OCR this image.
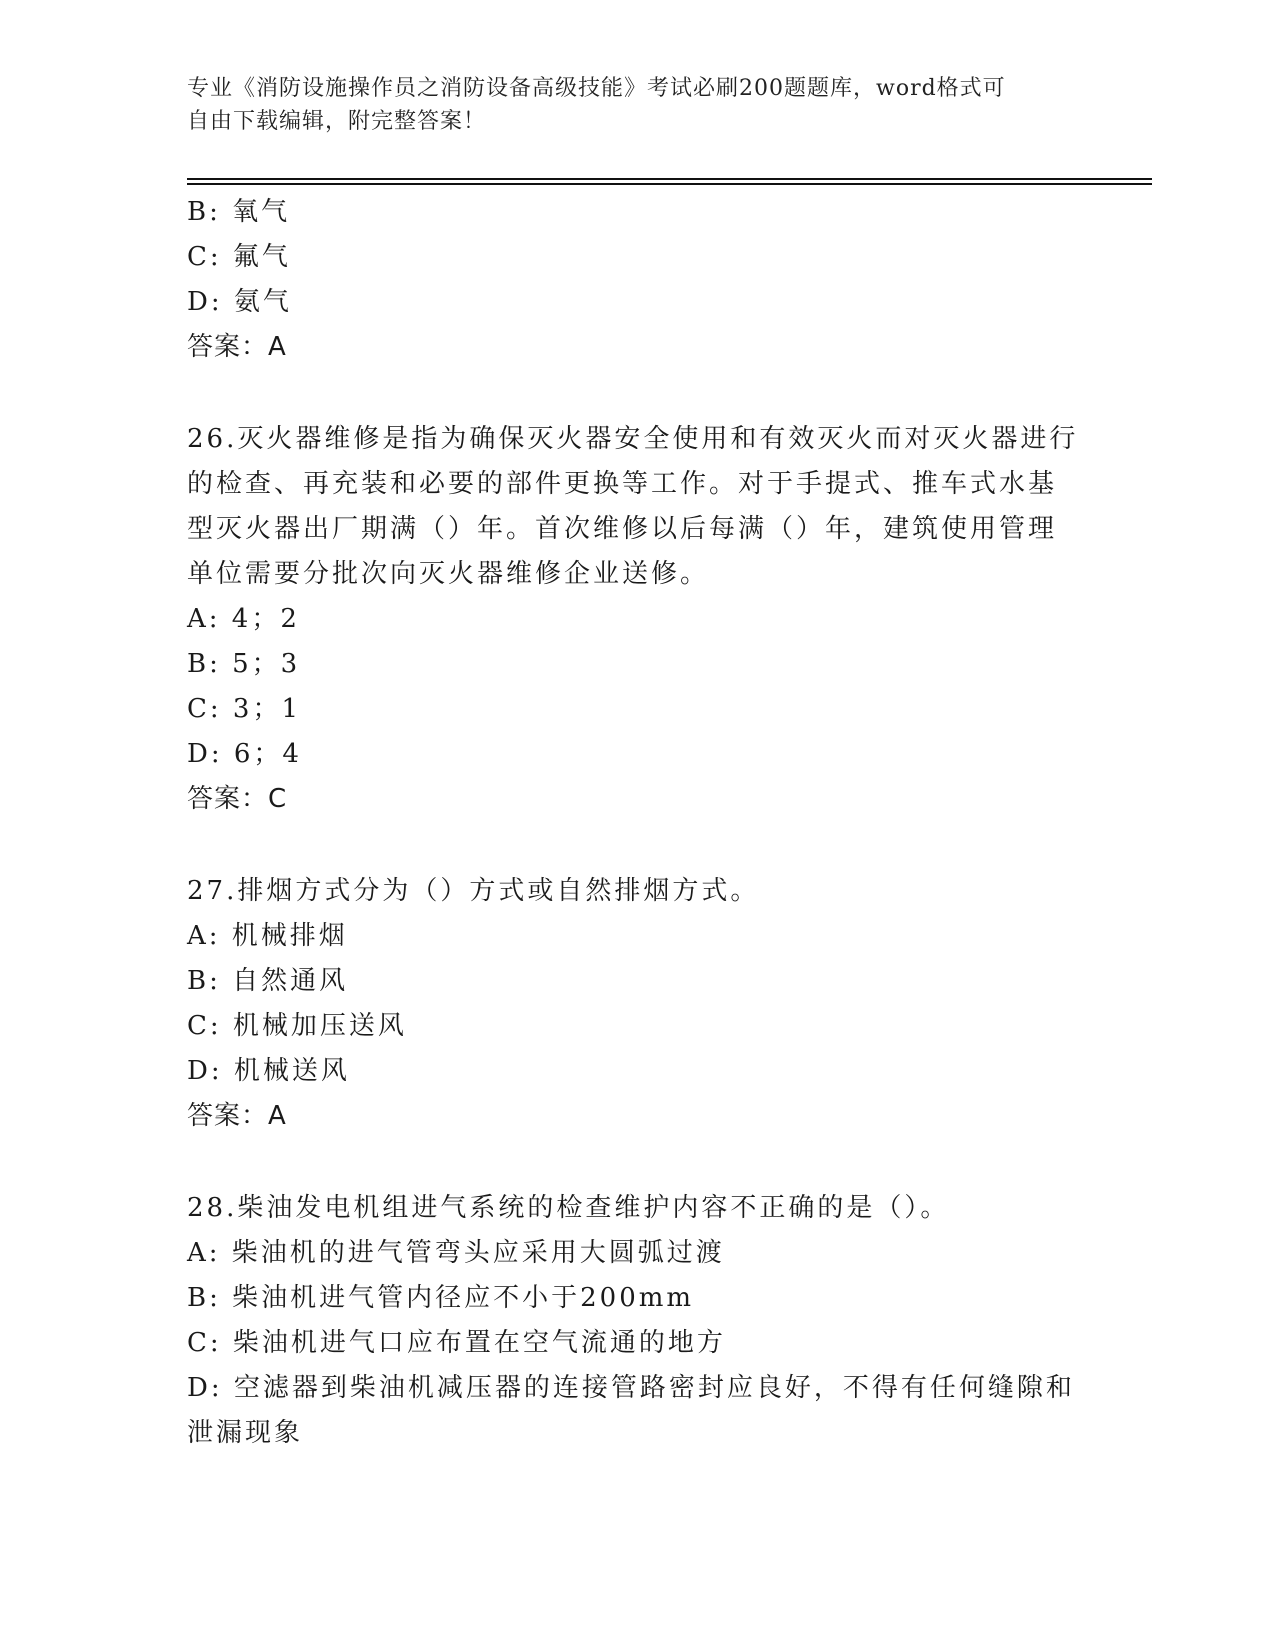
专业《消防设施操作员之消防设备高级技能》考试必刷200题题库，word格式可
自由下载编辑，附完整答案！
B: 氧气
C: 氟气
D: 氨气
答案：A
26.灭火器维修是指为确保灭火器安全使用和有效灭火而对灭火器进行
的检查、再充装和必要的部件更换等工作。对于手提式、推车式水基
型灭火器出厂期满（）年。首次维修以后每满（）年，建筑使用管理
单位需要分批次向灭火器维修企业送修。
A: 4；2
B: 5；3
C: 3；1
D: 6；4
答案：C
27.排烟方式分为（）方式或自然排烟方式。
A: 机械排烟
B: 自然通风
C: 机械加压送风
D: 机械送风
答案：A
28.柴油发电机组进气系统的检查维护内容不正确的是（）。
A: 柴油机的进气管弯头应采用大圆弧过渡
B: 柴油机进气管内径应不小于200mm
C: 柴油机进气口应布置在空气流通的地方
D: 空滤器到柴油机减压器的连接管路密封应良好，不得有任何缝隙和
泄漏现象
